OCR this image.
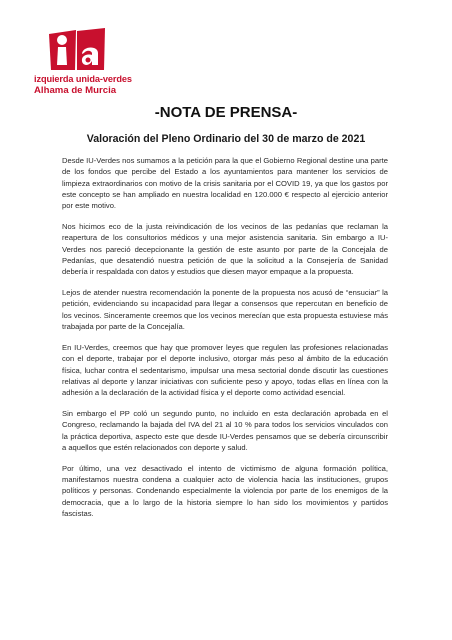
izquierda unida-verdes
Alhama de Murcia
-NOTA DE PRENSA-
Valoración del Pleno Ordinario del 30 de marzo de 2021

Desde IU-Verdes nos sumamos a la petición para la que el Gobierno Regional destine una parte de los fondos que percibe del Estado a los ayuntamientos para mantener los servicios de limpieza extraordinarios con motivo de la crisis sanitaria por el COVID 19, ya que los gastos por este concepto se han ampliado en nuestra localidad en 120.000 € respecto al ejercicio anterior por este motivo.

Nos hicimos eco de la justa reivindicación de los vecinos de las pedanías que reclaman la reapertura de los consultorios médicos y una mejor asistencia sanitaria. Sin embargo a IU-Verdes nos pareció decepcionante la gestión de este asunto por parte de la Concejala de Pedanías, que desatendió nuestra petición de que la solicitud a la Consejería de Sanidad debería ir respaldada con datos y estudios que diesen mayor empaque a la propuesta.

Lejos de atender nuestra recomendación la ponente de la propuesta nos acusó de “ensuciar” la petición, evidenciando su incapacidad para llegar a consensos que repercutan en beneficio de los vecinos. Sinceramente creemos que los vecinos merecían que esta propuesta estuviese más trabajada por parte de la Concejalía.

En IU-Verdes, creemos que hay que promover leyes que regulen las profesiones relacionadas con el deporte, trabajar por el deporte inclusivo, otorgar más peso al ámbito de la educación física, luchar contra el sedentarismo, impulsar una mesa sectorial donde discutir las cuestiones relativas al deporte y lanzar iniciativas con suficiente peso y apoyo, todas ellas en línea con la adhesión a la declaración de la actividad física y el deporte como actividad esencial.

Sin embargo el PP coló un segundo punto, no incluido en esta declaración aprobada en el Congreso, reclamando la bajada del IVA del 21 al 10 % para todos los servicios vinculados con la práctica deportiva, aspecto este que desde IU-Verdes pensamos que se debería circunscribir a aquellos que estén relacionados con deporte y salud.

Por último, una vez desactivado el intento de victimismo de alguna formación política, manifestamos nuestra condena a cualquier acto de violencia hacia las instituciones, grupos políticos y personas. Condenando especialmente la violencia por parte de los enemigos de la democracia, que a lo largo de la historia siempre lo han sido los movimientos y partidos fascistas.
